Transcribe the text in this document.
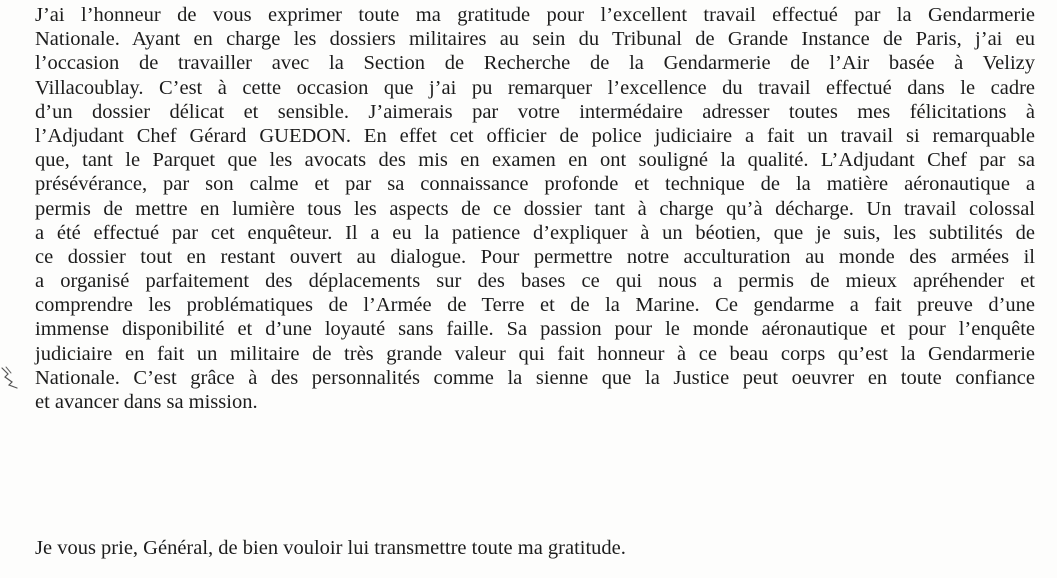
J’ai l’honneur de vous exprimer toute ma gratitude pour l’excellent travail effectué par la Gendarmerie
Nationale. Ayant en charge les dossiers militaires au sein du Tribunal de Grande Instance de Paris, j’ai eu
l’occasion de travailler avec la Section de Recherche de la Gendarmerie de l’Air basée à Velizy
Villacoublay. C’est à cette occasion que j’ai pu remarquer l’excellence du travail effectué dans le cadre
d’un dossier délicat et sensible. J’aimerais par votre intermédaire adresser toutes mes félicitations à
l’Adjudant Chef Gérard GUEDON. En effet cet officier de police judiciaire a fait un travail si remarquable
que, tant le Parquet que les avocats des mis en examen en ont souligné la qualité. L’Adjudant Chef par sa
présévérance, par son calme et par sa connaissance profonde et technique de la matière aéronautique a
permis de mettre en lumière tous les aspects de ce dossier tant à charge qu’à décharge. Un travail colossal
a été effectué par cet enquêteur. Il a eu la patience d’expliquer à un béotien, que je suis, les subtilités de
ce dossier tout en restant ouvert au dialogue. Pour permettre notre acculturation au monde des armées il
a organisé parfaitement des déplacements sur des bases ce qui nous a permis de mieux apréhender et
comprendre les problématiques de l’Armée de Terre et de la Marine. Ce gendarme a fait preuve d’une
immense disponibilité et d’une loyauté sans faille. Sa passion pour le monde aéronautique et pour l’enquête
judiciaire en fait un militaire de très grande valeur qui fait honneur à ce beau corps qu’est la Gendarmerie
Nationale. C’est grâce à des personnalités comme la sienne que la Justice peut oeuvrer en toute confiance
et avancer dans sa mission.

Je vous prie, Général, de bien vouloir lui transmettre toute ma gratitude.
